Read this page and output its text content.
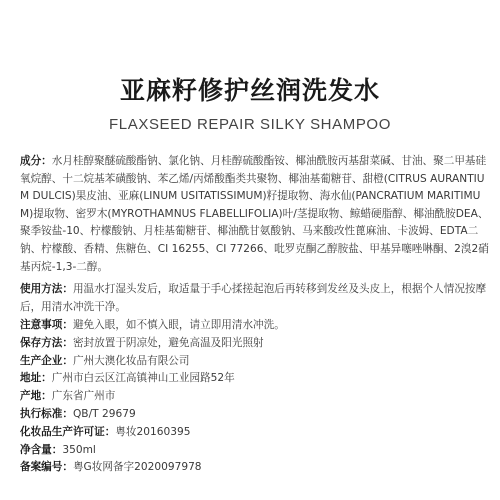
亚麻籽修护丝润洗发水
FLAXSEED REPAIR SILKY SHAMPOO
成分：水月桂醇聚醚硫酸酯钠、氯化钠、月桂醇硫酸酯铵、椰油酰胺丙基甜菜碱、甘油、聚二甲基硅氧烷醇、十二烷基苯磺酸钠、苯乙烯/丙烯酸酯类共聚物、椰油基葡糖苷、甜橙(CITRUS AURANTIUM DULCIS)果皮油、亚麻(LINUM USITATISSIMUM)籽提取物、海水仙(PANCRATIUM MARITIMUM)提取物、密罗木(MYROTHAMNUS FLABELLIFOLIA)叶/茎提取物、鲸蜡硬脂醇、椰油酰胺DEA、聚季铵盐-10、柠檬酸钠、月桂基葡糖苷、椰油酰甘氨酸钠、马来酸改性蓖麻油、卡波姆、EDTA二钠、柠檬酸、香精、焦糖色、CI 16255、CI 77266、吡罗克酮乙醇胺盐、甲基异噻唑啉酮、2溴2硝基丙烷-1,3-二醇。
使用方法：用温水打湿头发后，取适量于手心揉搓起泡后再转移到发丝及头皮上，根据个人情况按摩后，用清水冲洗干净。
注意事项：避免入眼，如不慎入眼，请立即用清水冲洗。
保存方法：密封放置于阴凉处，避免高温及阳光照射
生产企业：广州大澳化妆品有限公司
地址：广州市白云区江高镇神山工业园路52年
产地：广东省广州市
执行标准：QB/T 29679
化妆品生产许可证：粤妆20160395
净含量：350ml
备案编号：粤G妆网备字2020097978
